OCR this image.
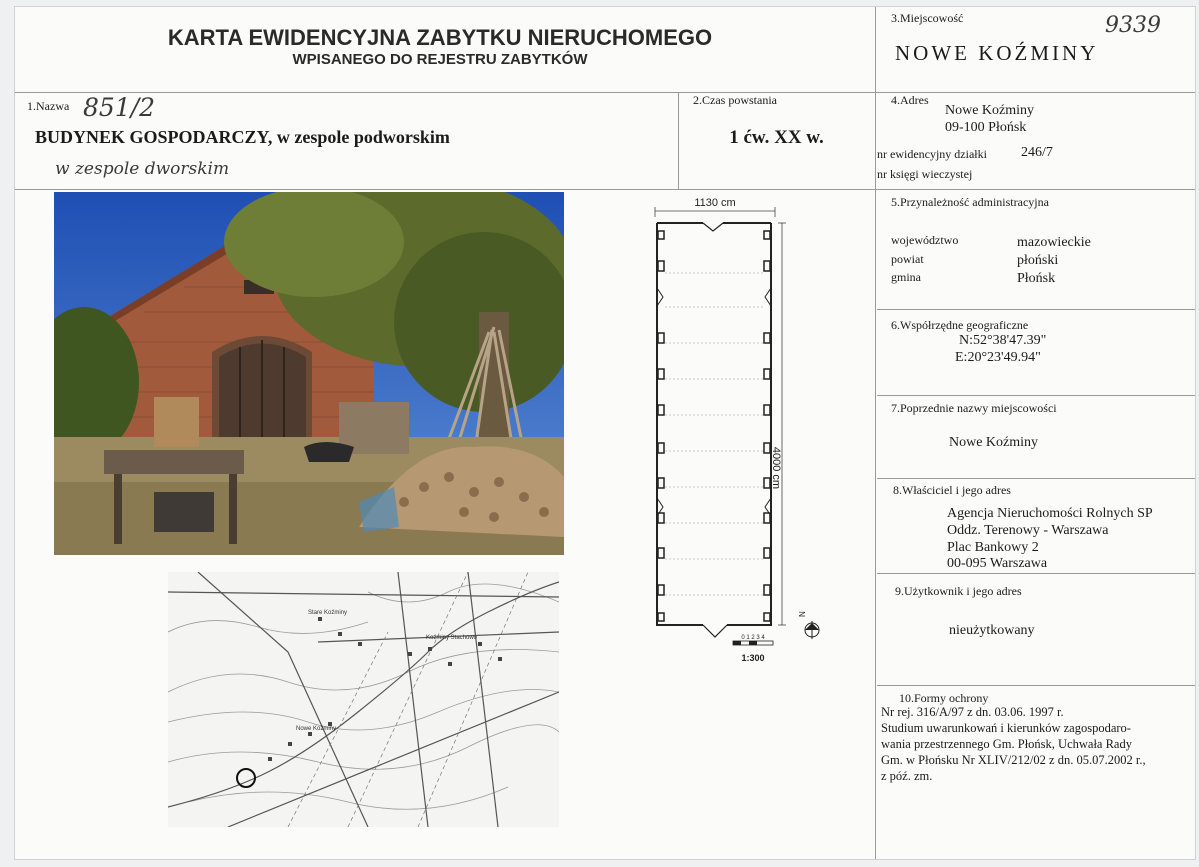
KARTA EWIDENCYJNA ZABYTKU NIERUCHOMEGO
WPISANEGO DO REJESTRU ZABYTKÓW
3.Miejscowość	9339
NOWE KOŹMINY
1.Nazwa 851/2
BUDYNEK GOSPODARCZY, w zespole podworskim
w zespole dworskim
2.Czas powstania
1 ćw. XX w.
4.Adres
Nowe Koźminy
09-100 Płońsk
nr ewidencyjny działki 246/7
nr księgi wieczystej
5.Przynależność administracyjna
województwo	mazowieckie
powiat	płoński
gmina	Płońsk
6.Współrzędne geograficzne
N:52°38'47.39"
E:20°23'49.94"
7.Poprzednie nazwy miejscowości
Nowe Koźminy
8.Właściciel i jego adres
Agencja Nieruchomości Rolnych SP
Oddz. Terenowy - Warszawa
Plac Bankowy 2
00-095 Warszawa
9.Użytkownik i jego adres
nieużytkowany
10.Formy ochrony
Nr rej. 316/A/97 z dn. 03.06. 1997 r.
Studium uwarunkowań i kierunków zagospodaro-
wania przestrzennego Gm. Płońsk, Uchwała Rady
Gm. w Płońsku Nr XLIV/212/02 z dn. 05.07.2002 r.,
z póź. zm.
Stare Koźminy
Koźminy Stachowo
Nowe Koźminy
1130 cm
4000 cm
0 1 2 3 4
1:300
N
